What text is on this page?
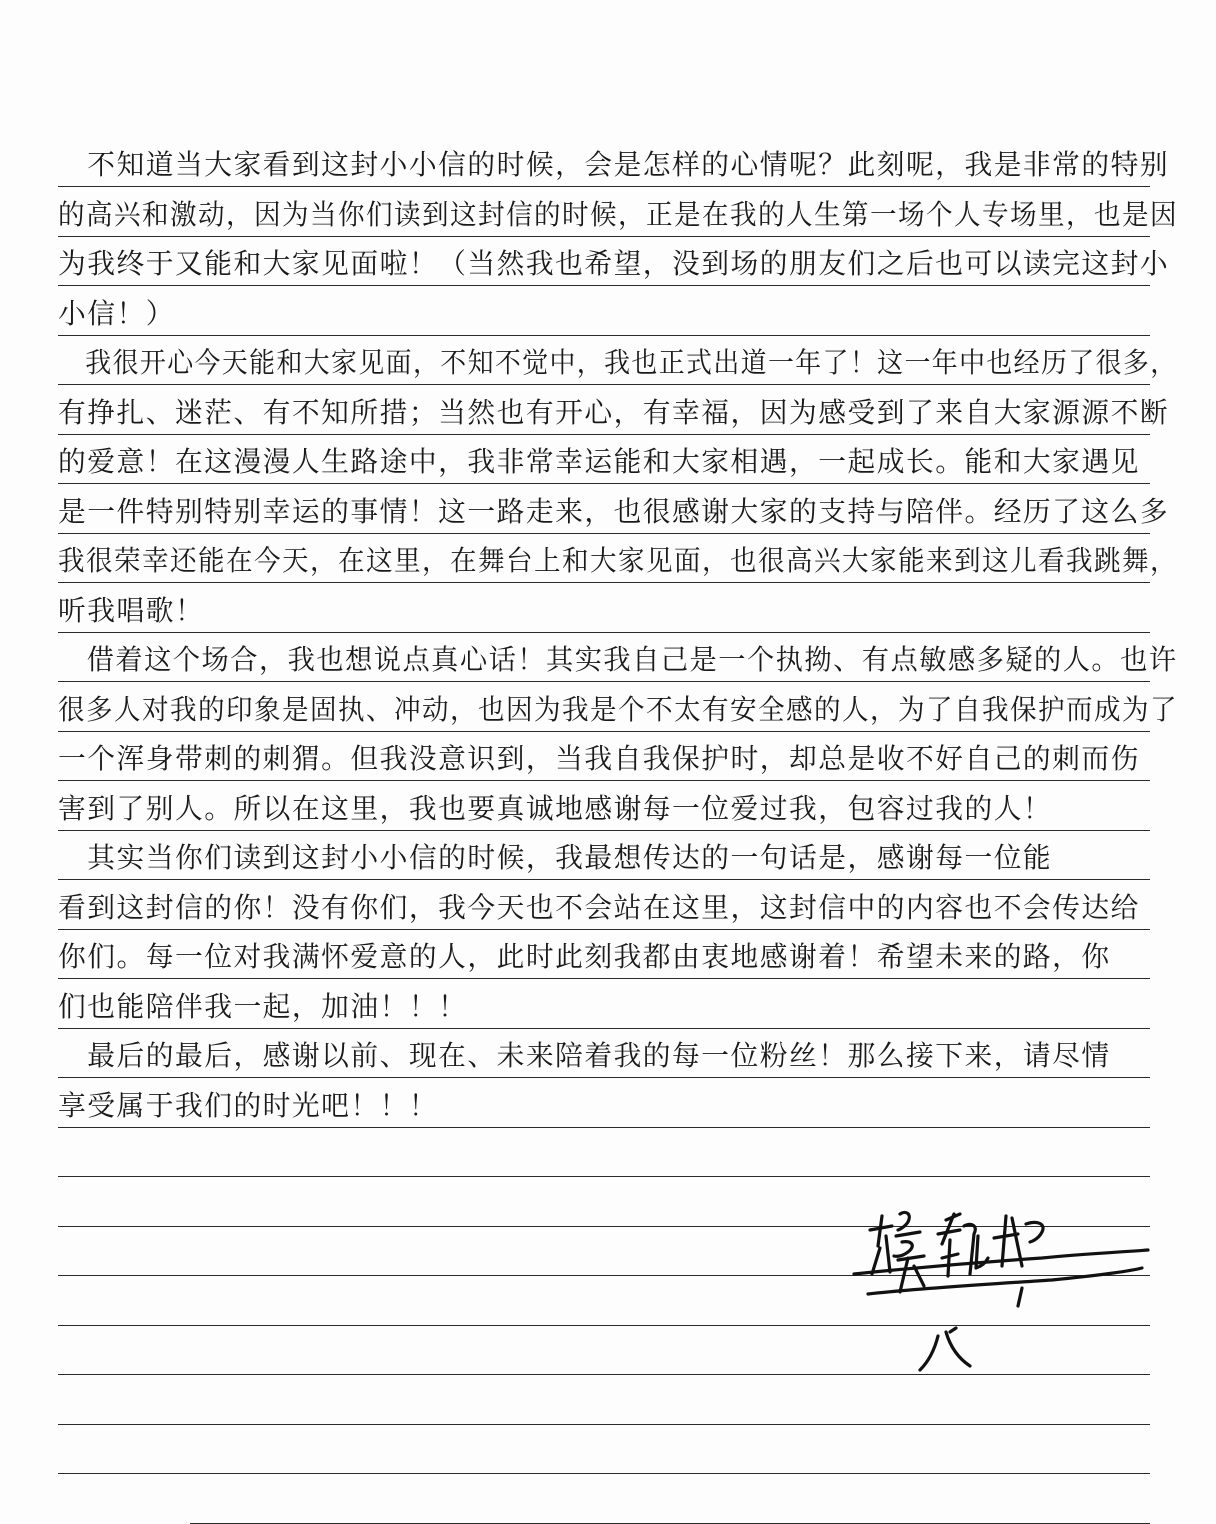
　不知道当大家看到这封小小信的时候，会是怎样的心情呢？此刻呢，我是非常的特别
的高兴和激动，因为当你们读到这封信的时候，正是在我的人生第一场个人专场里，也是因
为我终于又能和大家见面啦！（当然我也希望，没到场的朋友们之后也可以读完这封小
小信！）
　我很开心今天能和大家见面，不知不觉中，我也正式出道一年了！这一年中也经历了很多，
有挣扎、迷茫、有不知所措；当然也有开心，有幸福，因为感受到了来自大家源源不断
的爱意！在这漫漫人生路途中，我非常幸运能和大家相遇，一起成长。能和大家遇见
是一件特别特别幸运的事情！这一路走来，也很感谢大家的支持与陪伴。经历了这么多
我很荣幸还能在今天，在这里，在舞台上和大家见面，也很高兴大家能来到这儿看我跳舞，
听我唱歌！
　借着这个场合，我也想说点真心话！其实我自己是一个执拗、有点敏感多疑的人。也许
很多人对我的印象是固执、冲动，也因为我是个不太有安全感的人，为了自我保护而成为了
一个浑身带刺的刺猬。但我没意识到，当我自我保护时，却总是收不好自己的刺而伤
害到了别人。所以在这里，我也要真诚地感谢每一位爱过我，包容过我的人！
　其实当你们读到这封小小信的时候，我最想传达的一句话是，感谢每一位能
看到这封信的你！没有你们，我今天也不会站在这里，这封信中的内容也不会传达给
你们。每一位对我满怀爱意的人，此时此刻我都由衷地感谢着！希望未来的路，你
们也能陪伴我一起，加油！！！
　最后的最后，感谢以前、现在、未来陪着我的每一位粉丝！那么接下来，请尽情
享受属于我们的时光吧！！！
